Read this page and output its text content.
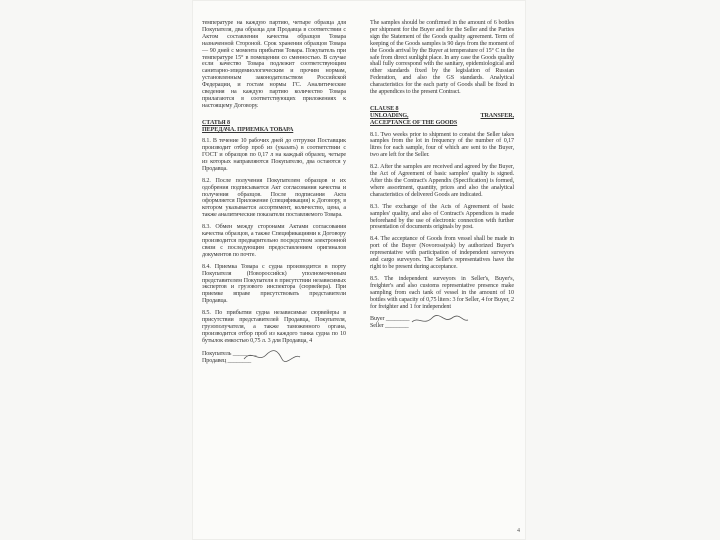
температуре на каждую партию, четыре образца для Покупателя, два образца для Продавца в соответствии с Актом составления качества образцов Товара назначенной Стороной. Срок хранения образцов Товара — 90 дней с момента прибытия Товара. Покупатель при температуре 15° в помещении со сменностью. В случае если качество Товара подлежит соответствующим санитарно-эпидемиологическим и прочим нормам, установленным законодательством Российской Федерации, и гостам нормы ГС. Аналитические сведения на каждую партию количество Товара прилагаются в соответствующих приложениях к настоящему Договору.

СТАТЬЯ 8
ПЕРЕДАЧА. ПРИЕМКА ТОВАРА

8.1. В течение 10 рабочих дней до отгрузки Поставщик производит отбор проб из (указать) в соответствии с ГОСТ и образцов по 0,17 л на каждый образец, четыре из которых направляются Покупателю, два остаются у Продавца.

8.2. После получения Покупателем образцов и их одобрения подписывается Акт согласования качества и получения образцов. После подписания Акта оформляется Приложение (спецификация) к Договору, в котором указывается ассортимент, количество, цена, а также аналитические показатели поставляемого Товара.

8.3. Обмен между сторонами Актами согласования качества образцов, а также Спецификациями к Договору производится предварительно посредством электронной связи с последующим предоставлением оригиналов документов по почте.

8.4. Приемка Товара с судна производится в порту Покупателя (Новороссийск) уполномоченным представителем Покупателя в присутствии независимых экспертов и грузового инспектора (сюрвейера). При приемке вправе присутствовать представители Продавца.

8.5. По прибытии судна независимые сюрвейеры в присутствии представителей Продавца, Покупателя, грузополучателя, а также таможенного органа, производится отбор проб из каждого танка судна по 10 бутылок емкостью 0,75 л. 3 для Продавца, 4

Покупатель ________
Продавец ________

The samples should be confirmed in the amount of 6 bottles per shipment for the Buyer and for the Seller and the Parties sign the Statement of the Goods quality agreement. Term of keeping of the Goods samples is 90 days from the moment of the Goods arrival by the Buyer at temperature of 15° C in the safe from direct sunlight place. In any case the Goods quality shall fully correspond with the sanitary, epidemiological and other standards fixed by the legislation of Russian Federation, and also the GS standards. Analytical characteristics for the each party of Goods shall be fixed in the appendices to the present Contract.

CLAUSE 8
UNLOADING,	TRANSFER,
ACCEPTANCE OF THE GOODS

8.1. Two weeks prior to shipment to consist the Seller takes samples from the lot in frequency of the number of 0,17 litres for each sample, four of which are sent to the Buyer, two are left for the Seller.

8.2. After the samples are received and agreed by the Buyer, the Act of Agreement of basic samples' quality is signed. After this the Contract's Appendix (Specification) is formed, where assortment, quantity, prices and also the analytical characteristics of delivered Goods are indicated.

8.3. The exchange of the Acts of Agreement of basic samples' quality, and also of Contract's Appendices is made beforehand by the use of electronic connection with further presentation of documents originals by post.

8.4. The acceptance of Goods from vessel shall be made in port of the Buyer (Novorossiysk) by authorized Buyer's representative with participation of independent surveyors and cargo surveyors. The Seller's representatives have the right to be present during acceptance.

8.5. The independent surveyors in Seller's, Buyer's, freighter's and also customs representative presence make sampling from each tank of vessel in the amount of 10 bottles with capacity of 0,75 liters: 3 for Seller, 4 for Buyer, 2 for freighter and 1 for independent

Buyer ________
Seller ________
4
